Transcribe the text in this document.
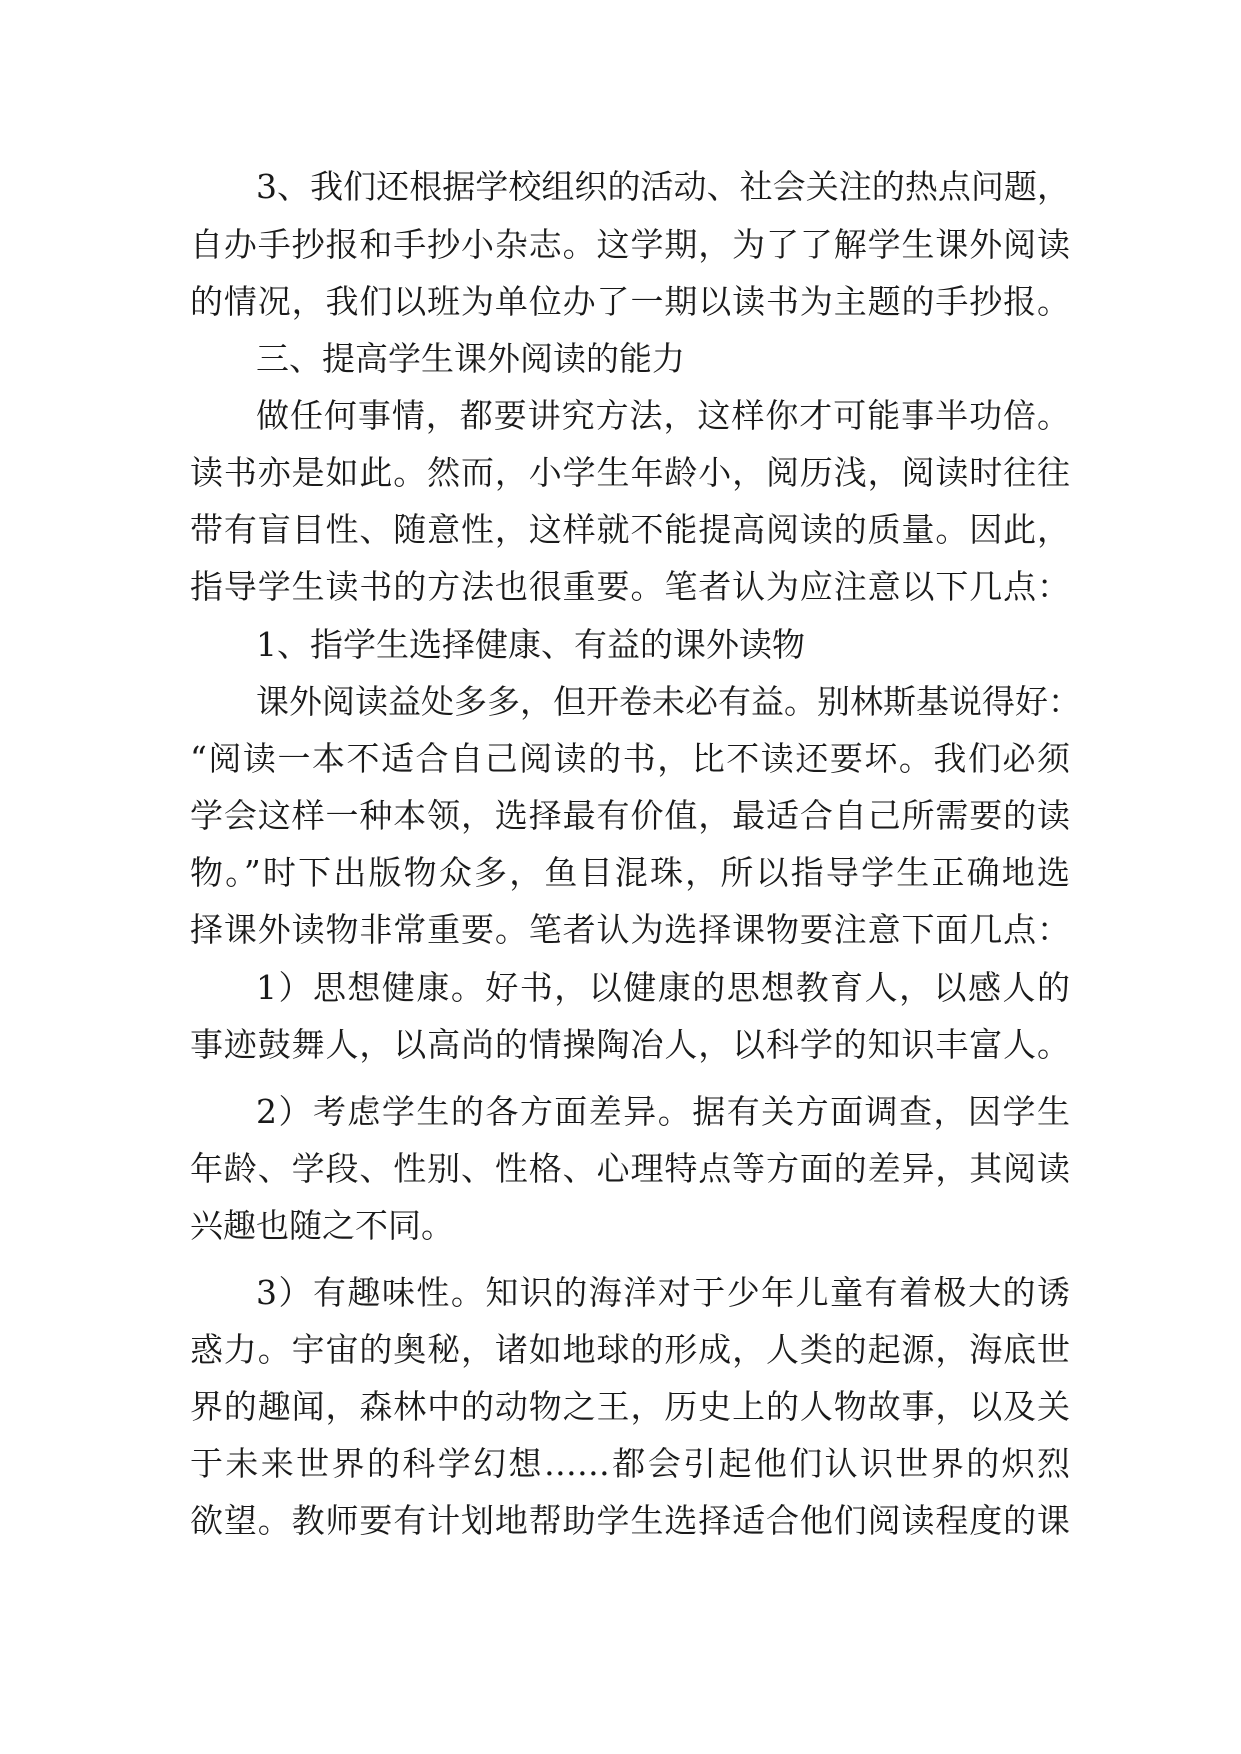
3、我们还根据学校组织的活动、社会关注的热点问题，
自办手抄报和手抄小杂志。这学期，为了了解学生课外阅读
的情况，我们以班为单位办了一期以读书为主题的手抄报。
三、提高学生课外阅读的能力
做任何事情，都要讲究方法，这样你才可能事半功倍。
读书亦是如此。然而，小学生年龄小，阅历浅，阅读时往往
带有盲目性、随意性，这样就不能提高阅读的质量。因此，
指导学生读书的方法也很重要。笔者认为应注意以下几点：
1、指学生选择健康、有益的课外读物
课外阅读益处多多，但开卷未必有益。别林斯基说得好：
“阅读一本不适合自己阅读的书，比不读还要坏。我们必须
学会这样一种本领，选择最有价值，最适合自己所需要的读
物。”时下出版物众多，鱼目混珠，所以指导学生正确地选
择课外读物非常重要。笔者认为选择课物要注意下面几点：
1）思想健康。好书，以健康的思想教育人，以感人的
事迹鼓舞人，以高尚的情操陶冶人，以科学的知识丰富人。
2）考虑学生的各方面差异。据有关方面调查，因学生
年龄、学段、性别、性格、心理特点等方面的差异，其阅读
兴趣也随之不同。
3）有趣味性。知识的海洋对于少年儿童有着极大的诱
惑力。宇宙的奥秘，诸如地球的形成，人类的起源，海底世
界的趣闻，森林中的动物之王，历史上的人物故事，以及关
于未来世界的科学幻想……都会引起他们认识世界的炽烈
欲望。教师要有计划地帮助学生选择适合他们阅读程度的课
